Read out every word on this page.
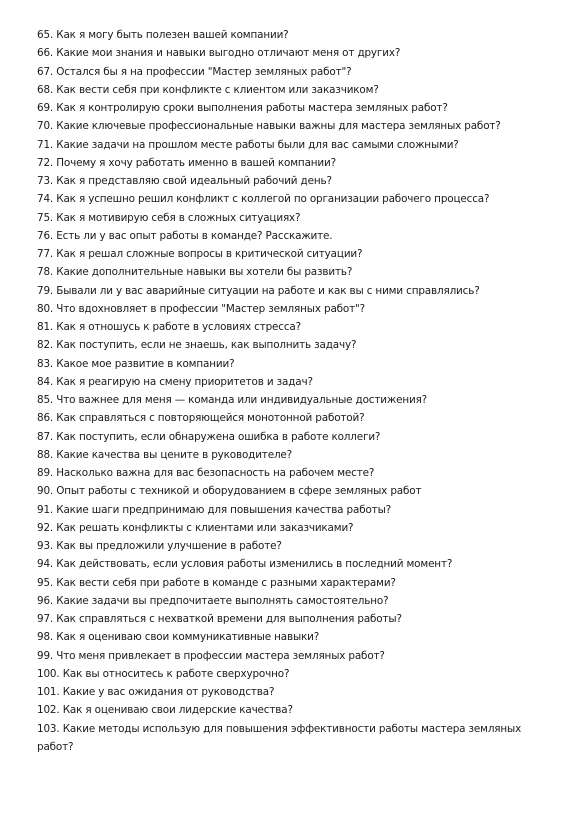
65. Как я могу быть полезен вашей компании?
66. Какие мои знания и навыки выгодно отличают меня от других?
67. Остался бы я на профессии "Мастер земляных работ"?
68. Как вести себя при конфликте с клиентом или заказчиком?
69. Как я контролирую сроки выполнения работы мастера земляных работ?
70. Какие ключевые профессиональные навыки важны для мастера земляных работ?
71. Какие задачи на прошлом месте работы были для вас самыми сложными?
72. Почему я хочу работать именно в вашей компании?
73. Как я представляю свой идеальный рабочий день?
74. Как я успешно решил конфликт с коллегой по организации рабочего процесса?
75. Как я мотивирую себя в сложных ситуациях?
76. Есть ли у вас опыт работы в команде? Расскажите.
77. Как я решал сложные вопросы в критической ситуации?
78. Какие дополнительные навыки вы хотели бы развить?
79. Бывали ли у вас аварийные ситуации на работе и как вы с ними справлялись?
80. Что вдохновляет в профессии "Мастер земляных работ"?
81. Как я отношусь к работе в условиях стресса?
82. Как поступить, если не знаешь, как выполнить задачу?
83. Какое мое развитие в компании?
84. Как я реагирую на смену приоритетов и задач?
85. Что важнее для меня — команда или индивидуальные достижения?
86. Как справляться с повторяющейся монотонной работой?
87. Как поступить, если обнаружена ошибка в работе коллеги?
88. Какие качества вы цените в руководителе?
89. Насколько важна для вас безопасность на рабочем месте?
90. Опыт работы с техникой и оборудованием в сфере земляных работ
91. Какие шаги предпринимаю для повышения качества работы?
92. Как решать конфликты с клиентами или заказчиками?
93. Как вы предложили улучшение в работе?
94. Как действовать, если условия работы изменились в последний момент?
95. Как вести себя при работе в команде с разными характерами?
96. Какие задачи вы предпочитаете выполнять самостоятельно?
97. Как справляться с нехваткой времени для выполнения работы?
98. Как я оцениваю свои коммуникативные навыки?
99. Что меня привлекает в профессии мастера земляных работ?
100. Как вы относитесь к работе сверхурочно?
101. Какие у вас ожидания от руководства?
102. Как я оцениваю свои лидерские качества?
103. Какие методы использую для повышения эффективности работы мастера земляных работ?
